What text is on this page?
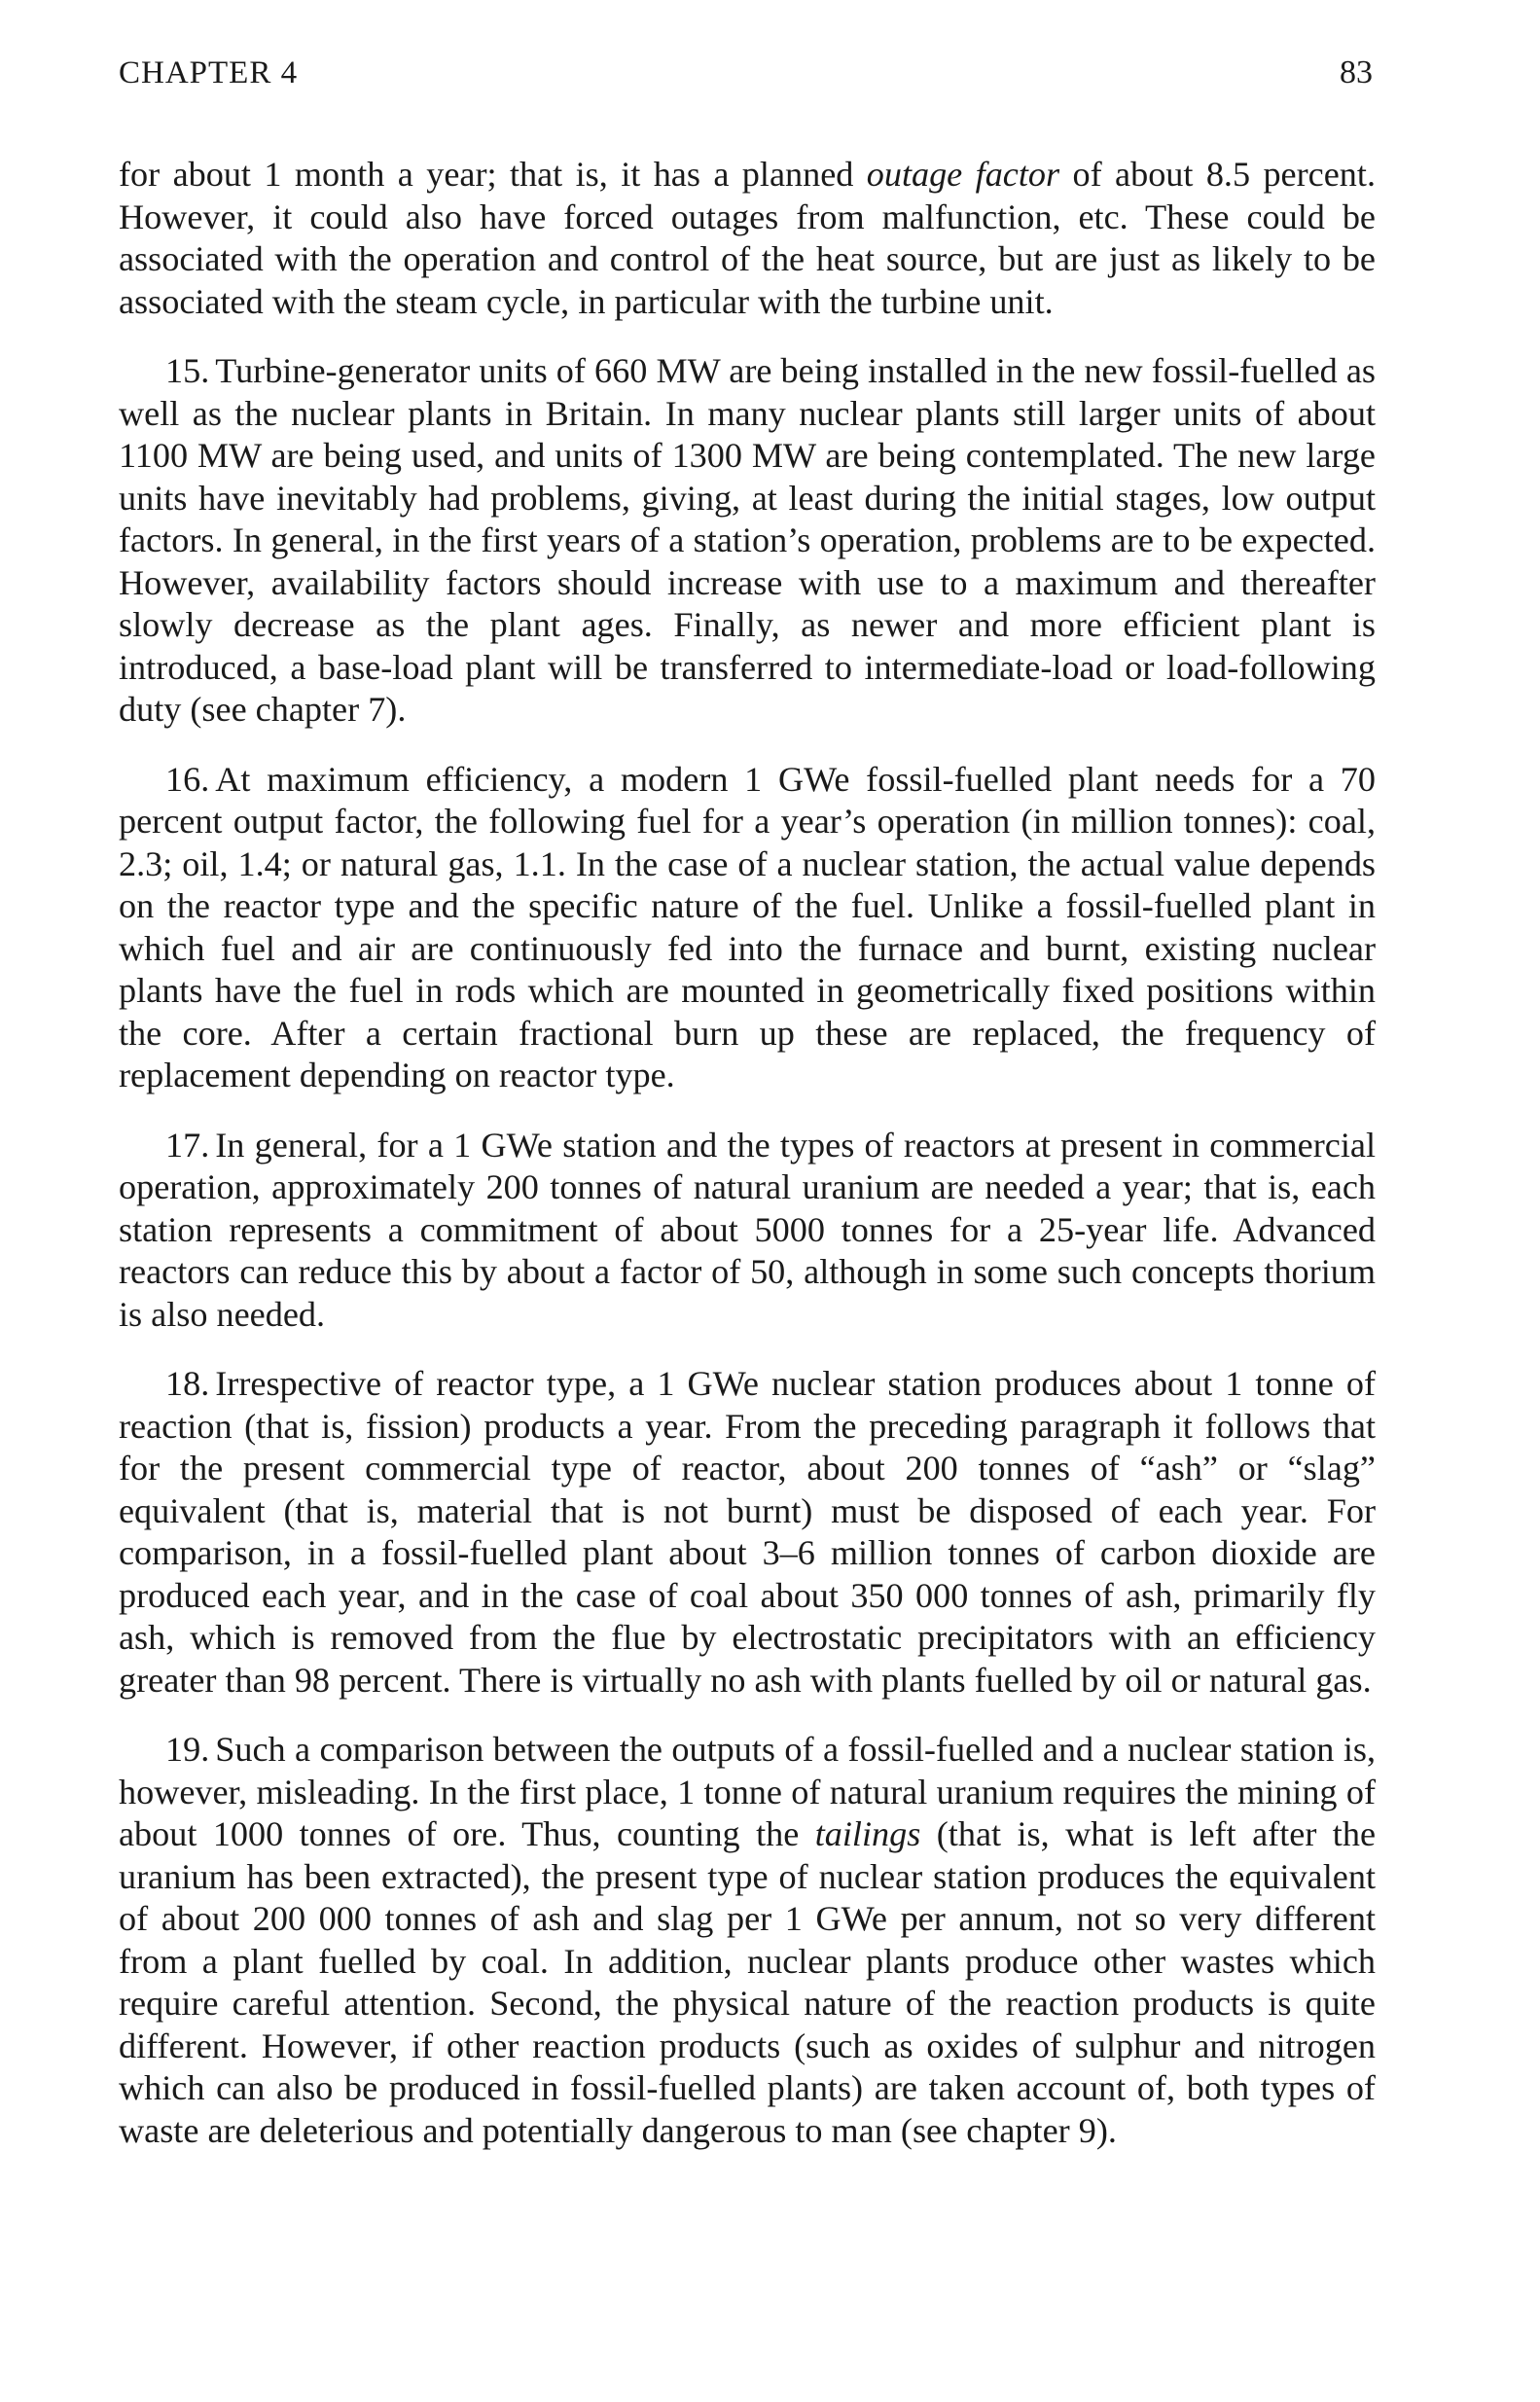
CHAPTER 4	83

for about 1 month a year; that is, it has a planned outage factor of about 8.5 percent. However, it could also have forced outages from malfunction, etc. These could be associated with the operation and control of the heat source, but are just as likely to be associated with the steam cycle, in particular with the turbine unit.

15. Turbine-generator units of 660 MW are being installed in the new fossil-fuelled as well as the nuclear plants in Britain. In many nuclear plants still larger units of about 1100 MW are being used, and units of 1300 MW are being contemplated. The new large units have inevitably had problems, giving, at least during the initial stages, low output factors. In general, in the first years of a station’s operation, problems are to be expected. However, availability factors should increase with use to a maximum and thereafter slowly decrease as the plant ages. Finally, as newer and more efficient plant is introduced, a base-load plant will be transferred to intermediate-load or load-following duty (see chapter 7).

16. At maximum efficiency, a modern 1 GWe fossil-fuelled plant needs for a 70 percent output factor, the following fuel for a year’s operation (in million tonnes): coal, 2.3; oil, 1.4; or natural gas, 1.1. In the case of a nuclear station, the actual value depends on the reactor type and the specific nature of the fuel. Unlike a fossil-fuelled plant in which fuel and air are continuously fed into the furnace and burnt, existing nuclear plants have the fuel in rods which are mounted in geometrically fixed positions within the core. After a certain fractional burn up these are replaced, the frequency of replacement depending on reactor type.

17. In general, for a 1 GWe station and the types of reactors at present in commercial operation, approximately 200 tonnes of natural uranium are needed a year; that is, each station represents a commitment of about 5000 tonnes for a 25-year life. Advanced reactors can reduce this by about a factor of 50, although in some such concepts thorium is also needed.

18. Irrespective of reactor type, a 1 GWe nuclear station produces about 1 tonne of reaction (that is, fission) products a year. From the preceding paragraph it follows that for the present commercial type of reactor, about 200 tonnes of “ash” or “slag” equivalent (that is, material that is not burnt) must be disposed of each year. For comparison, in a fossil-fuelled plant about 3–6 million tonnes of carbon dioxide are produced each year, and in the case of coal about 350 000 tonnes of ash, primarily fly ash, which is removed from the flue by electrostatic precipitators with an efficiency greater than 98 percent. There is virtually no ash with plants fuelled by oil or natural gas.

19. Such a comparison between the outputs of a fossil-fuelled and a nuclear station is, however, misleading. In the first place, 1 tonne of natural uranium requires the mining of about 1000 tonnes of ore. Thus, counting the tailings (that is, what is left after the uranium has been extracted), the present type of nuclear station produces the equivalent of about 200 000 tonnes of ash and slag per 1 GWe per annum, not so very different from a plant fuelled by coal. In addition, nuclear plants produce other wastes which require careful attention. Second, the physical nature of the reaction products is quite different. However, if other reaction products (such as oxides of sulphur and nitrogen which can also be produced in fossil-fuelled plants) are taken account of, both types of waste are deleterious and potentially dangerous to man (see chapter 9).
